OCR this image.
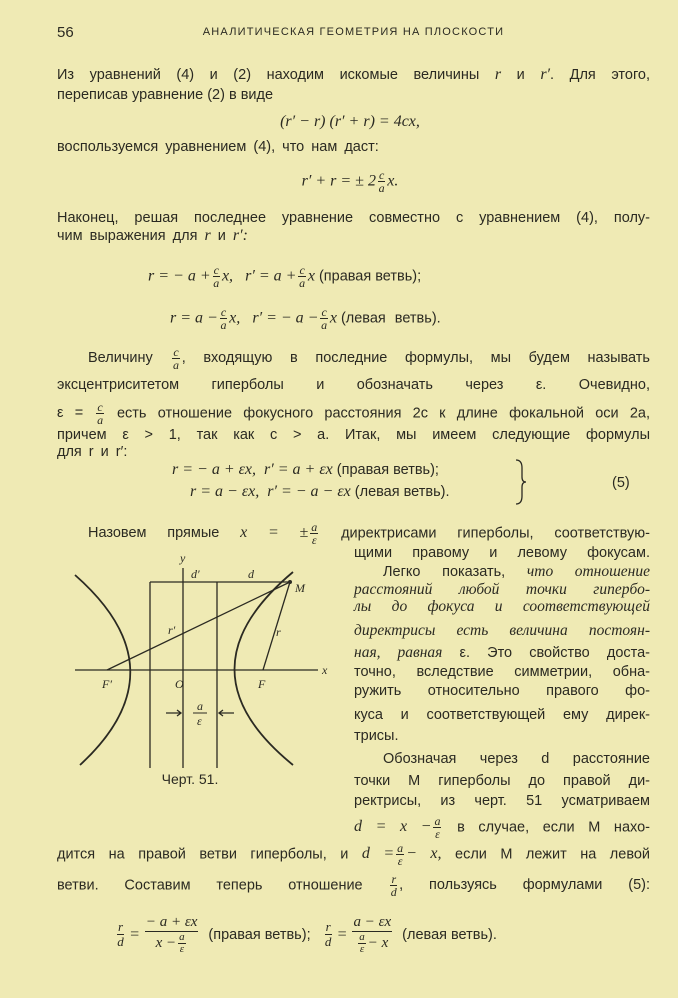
56	АНАЛИТИЧЕСКАЯ ГЕОМЕТРИЯ НА ПЛОСКОСТИ
Из уравнений (4) и (2) находим искомые величины r и r′. Для этого,
переписав уравнение (2) в виде
(r′ − r) (r′ + r) = 4cx,
воспользуемся уравнением (4), что нам даст:
r′ + r = ± $2 \frac{c}{a} x$.
Наконец, решая последнее уравнение совместно с уравнением (4), полу-
чим выражения для r и r′:
r = − $a + \frac{c}{a} x$, $r' = a + \frac{c}{a}$ x (правая ветвь);
$r = a - \frac{c}{a} x$, r′ = − $a - \frac{c}{a}$ x (левая ветвь).
Величину $\frac{c}{a}$ , входящую в последние формулы, мы будем называть
эксцентриситетом гиперболы и обозначать через ε. Очевидно,
$\varepsilon = \frac{c}{a}$ есть отношение фокусного расстояния 2c к длине фокальной оси 2a,
причем ε > 1, так как c > a. Итак, мы имеем следующие формулы
для r и r′:
r = − a + εx,  r′ = a + εx (правая ветвь);
r = a − εx,  r′ = − a − εx (левая ветвь).
(5)
Назовем прямые x = ± $\frac{a}{\varepsilon}$ директрисами гиперболы, соответствую-
y
x
d′	d
M
r′	r
F′	O	F
a
ε
Черт. 51.
щими правому и левому фокусам.
Легко показать, что отношение
расстояний любой точки гипербо-
лы до фокуса и соответствующей
директрисы есть величина постоян-
ная, равная ε. Это свойство доста-
точно, вследствие симметрии, обна-
ружить относительно правого фо-
куса и соответствующей ему дирек-
трисы.
Обозначая через d расстояние
точки M гиперболы до правой ди-
ректрисы, из черт. 51 усматриваем
$d = x - \frac{a}{\varepsilon}$ в случае, если M нахо-
дится на правой ветви гиперболы, и $d = \frac{a}{\varepsilon} - x$, если M лежит на левой
ветви. Составим теперь отношение $\frac{r}{d}$ , пользуясь формулами (5):
$\frac{r}{d} = \frac{- a + \varepsilon x}{x - \frac{a}{\varepsilon}}$ (правая ветвь); $\frac{r}{d} = \frac{a - \varepsilon x}{\frac{a}{\varepsilon} - x}$ (левая ветвь).
